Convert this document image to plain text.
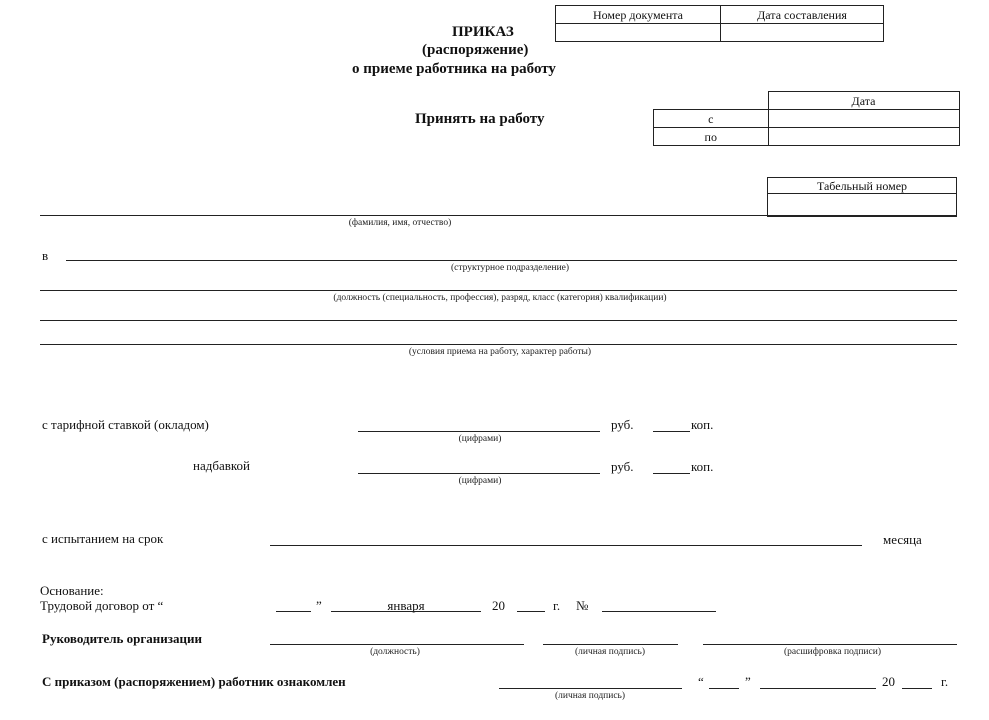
Номер документа	Дата составления

ПРИКАЗ
(распоряжение)
о приеме работника на работу
Принять на работу
	Дата
с	
по	
Табельный номер

(фамилия, имя, отчество)
в
(структурное подразделение)
(должность (специальность, профессия), разряд, класс (категория) квалификации)
(условия приема на работу, характер работы)
с тарифной ставкой (окладом)	руб.	коп.
(цифрами)
надбавкой	руб.	коп.
(цифрами)
с испытанием на срок	месяца
Основание:
Трудовой договор от “	”	января	20	г. №
Руководитель организации
(должность)	(личная подпись)	(расшифровка подписи)
С приказом (распоряжением) работник ознакомлен
(личная подпись)
“	”	20	г.
